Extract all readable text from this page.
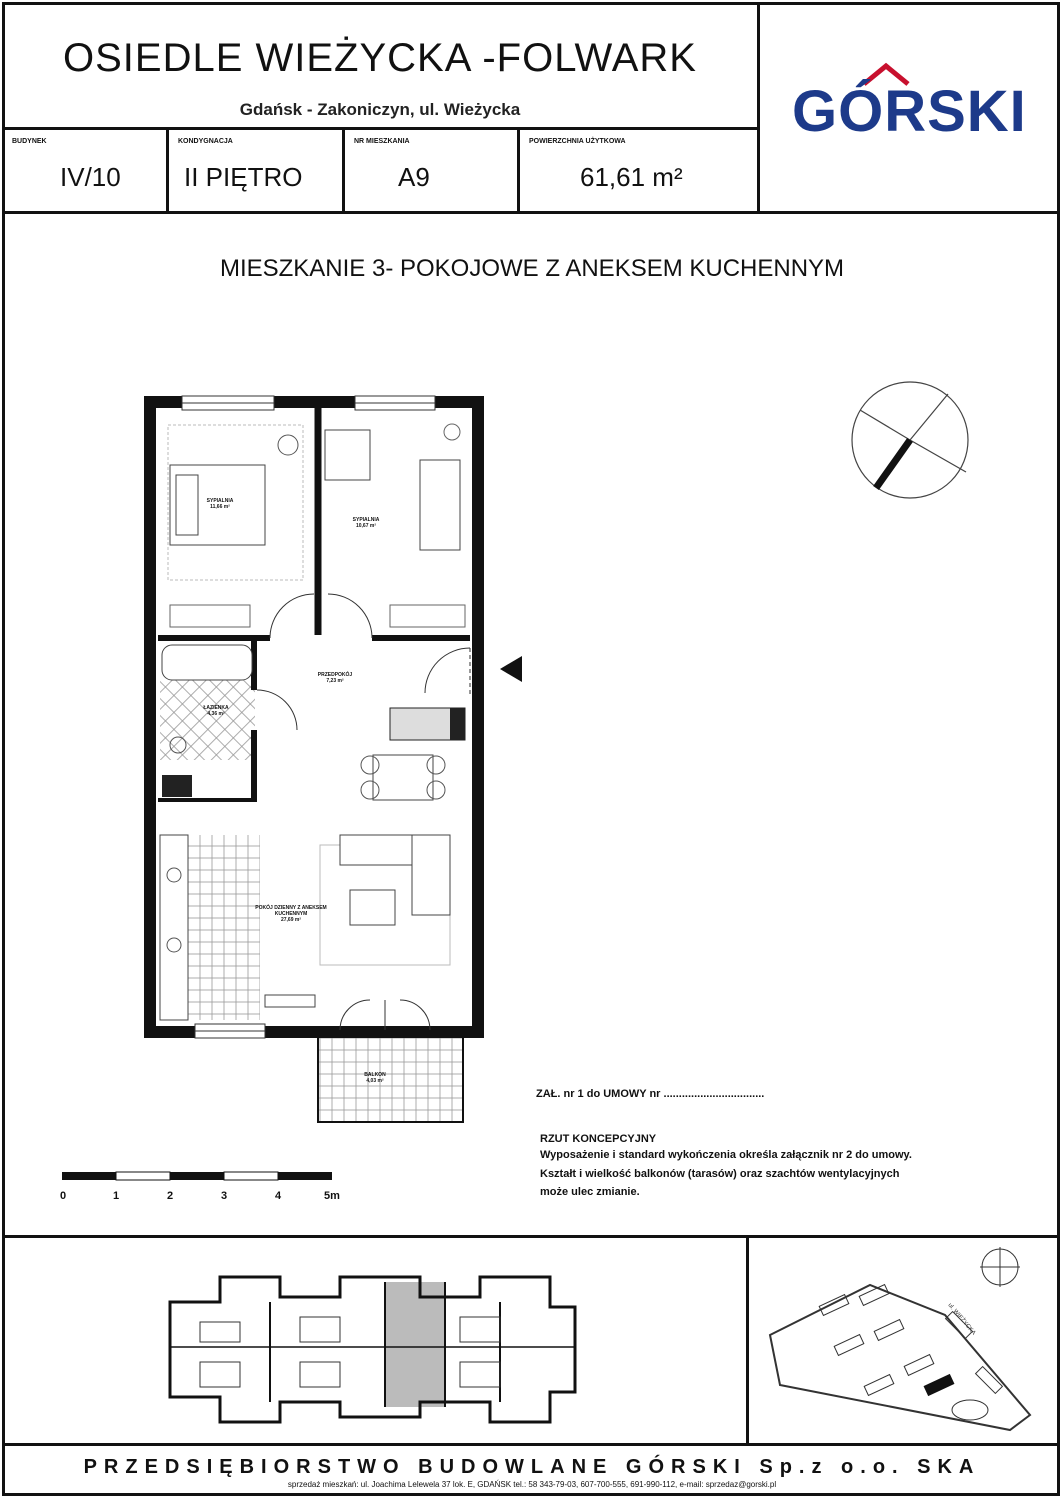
OSIEDLE WIEŻYCKA -FOLWARK
Gdańsk - Zakoniczyn, ul. Wieżycka
BUDYNEK
IV/10
KONDYGNACJA
II PIĘTRO
NR MIESZKANIA
A9
POWIERZCHNIA UŻYTKOWA
61,61 m²
GÓRSKI
MIESZKANIE 3- POKOJOWE Z ANEKSEM KUCHENNYM
SYPIALNIA
11,66 m²
SYPIALNIA
10,67 m²
PRZEDPOKÓJ
7,23 m²
ŁAZIENKA
4,36 m²
POKÓJ DZIENNY Z ANEKSEM KUCHENNYM
27,69 m²
BALKON
4,03 m²
ZAŁ. nr 1 do UMOWY nr .................................
RZUT KONCEPCYJNY
Wyposażenie i standard wykończenia określa załącznik nr 2 do umowy.
Kształt i wielkość balkonów (tarasów) oraz szachtów wentylacyjnych
może ulec zmianie.
0	1	2	3	4	5m
ul. WIEŻYCKA
PRZEDSIĘBIORSTWO BUDOWLANE GÓRSKI Sp.z o.o. SKA
sprzedaż mieszkań: ul. Joachima Lelewela 37 lok. E, GDAŃSK tel.: 58 343-79-03, 607-700-555, 691-990-112, e-mail: sprzedaz@gorski.pl
